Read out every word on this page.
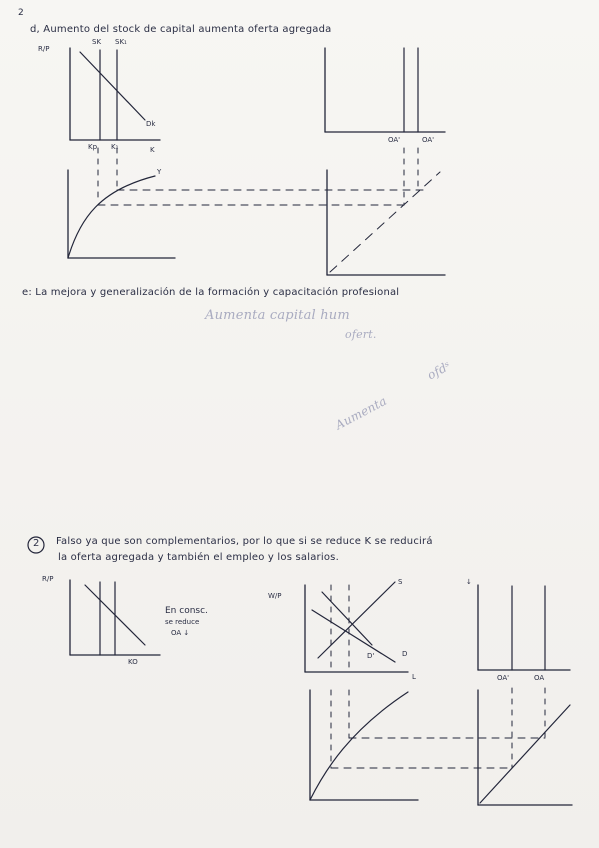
2
d, Aumento del stock de capital aumenta oferta agregada
R/P
SK SK₁
Dk
Kp K₁	K
Y
OA'	OA'
e: La mejora y generalización de la formación y capacitación profesional
Aumenta capital hum
ofert.
Aumenta
ofdˢ
2 Falso ya que son complementarios, por lo que si se reduce K se reducirá
la oferta agregada y también el empleo y los salarios.
R/P
KO
En consc.
se reduce
OA ↓
W/P
S
D
D'
L
↓
OA'	OA
